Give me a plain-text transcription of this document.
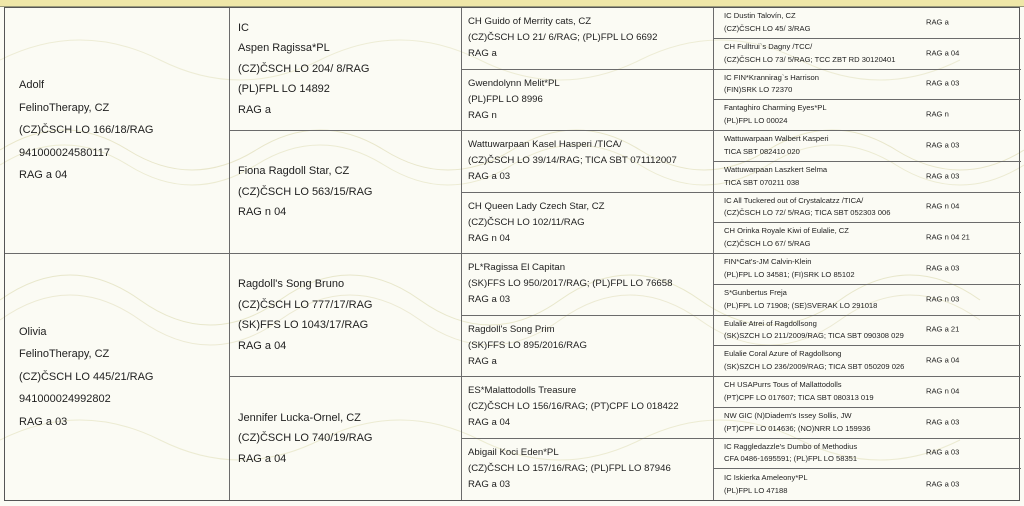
Adolf
FelinoTherapy, CZ
(CZ)ČSCH LO 166/18/RAG
941000024580117
RAG a 04
Olivia
FelinoTherapy, CZ
(CZ)ČSCH LO 445/21/RAG
941000024992802
RAG a 03
IC
Aspen Ragissa*PL
(CZ)ČSCH LO 204/ 8/RAG
(PL)FPL LO 14892
RAG a
Fiona Ragdoll Star, CZ
(CZ)ČSCH LO 563/15/RAG
RAG n 04
Ragdoll's Song Bruno
(CZ)ČSCH LO 777/17/RAG
(SK)FFS LO 1043/17/RAG
RAG a 04
Jennifer Lucka-Ornel, CZ
(CZ)ČSCH LO 740/19/RAG
RAG a 04
CH Guido of Merrity cats, CZ
(CZ)ČSCH LO 21/ 6/RAG; (PL)FPL LO 6692
RAG a
Gwendolynn Melit*PL
(PL)FPL LO 8996
RAG n
Wattuwarpaan Kasel Hasperi /TICA/
(CZ)ČSCH LO 39/14/RAG; TICA SBT 071112007
RAG a 03
CH Queen Lady Czech Star, CZ
(CZ)ČSCH LO 102/11/RAG
RAG n 04
PL*Ragissa El Capitan
(SK)FFS LO 950/2017/RAG; (PL)FPL LO 76658
RAG a 03
Ragdoll's Song Prim
(SK)FFS LO 895/2016/RAG
RAG a
ES*Malattodolls Treasure
(CZ)ČSCH LO 156/16/RAG; (PT)CPF LO 018422
RAG a 04
Abigail Koci Eden*PL
(CZ)ČSCH LO 157/16/RAG; (PL)FPL LO 87946
RAG a 03
IC Dustin Talovín, CZ
(CZ)ČSCH LO 45/ 3/RAG
RAG a
CH Fulltrui`s Dagny /TCC/
(CZ)ČSCH LO 73/ 5/RAG; TCC ZBT RD 30120401
RAG a 04
IC FIN*Krannirag`s Harrison
(FIN)SRK LO 72370
RAG a 03
Fantaghiro Charming Eyes*PL
(PL)FPL LO 00024
RAG n
Wattuwarpaan Walbert Kasperi
TICA SBT 082410 020
RAG a 03
Wattuwarpaan Laszkert Selma
TICA SBT 070211 038
RAG a 03
IC All Tuckered out of Crystalcatzz /TICA/
(CZ)ČSCH LO 72/ 5/RAG; TICA SBT 052303 006
RAG n 04
CH Orinka Royale Kiwi of Eulalie, CZ
(CZ)ČSCH LO 67/ 5/RAG
RAG n 04 21
FIN*Cat's-JM Calvin-Klein
(PL)FPL LO 34581; (FI)SRK LO 85102
RAG a 03
S*Gunbertus Freja
(PL)FPL LO 71908; (SE)SVERAK LO 291018
RAG n 03
Eulalie Atrei of Ragdollsong
(SK)SZCH LO 211/2009/RAG; TICA SBT 090308 029
RAG a 21
Eulalie Coral Azure of Ragdollsong
(SK)SZCH LO 236/2009/RAG; TICA SBT 050209 026
RAG a 04
CH USAPurrs Tous of Mallattodolls
(PT)CPF LO 017607; TICA SBT 080313 019
RAG n 04
NW GIC (N)Diadem's Issey Sollis, JW
(PT)CPF LO 014636; (NO)NRR LO 159936
RAG a 03
IC Raggledazzle's Dumbo of Methodius
CFA 0486-1695591; (PL)FPL LO 58351
RAG a 03
IC Iskierka Ameleony*PL
(PL)FPL LO 47188
RAG a 03
